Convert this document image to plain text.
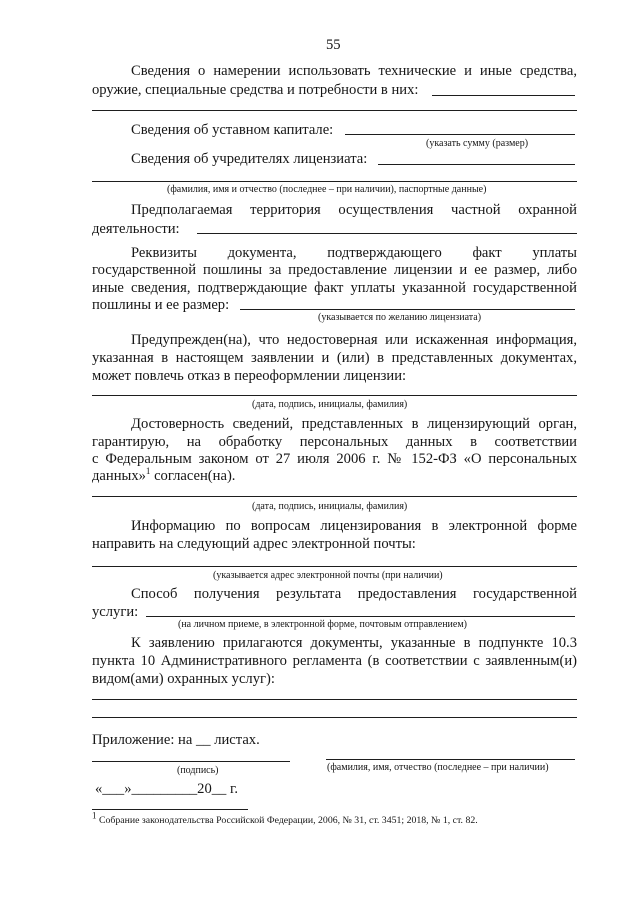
55
Сведения о намерении использовать технические и иные средства,
оружие, специальные средства и потребности в них:
Сведения об уставном капитале:
(указать сумму (размер)
Сведения об учредителях лицензиата:
(фамилия, имя и отчество (последнее – при наличии), паспортные данные)
Предполагаемая территория осуществления частной охранной
деятельности:
Реквизиты документа, подтверждающего факт уплаты
государственной пошлины за предоставление лицензии и ее размер, либо
иные сведения, подтверждающие факт уплаты указанной государственной
пошлины и ее размер:
(указывается по желанию лицензиата)
Предупрежден(на), что недостоверная или искаженная информация,
указанная в настоящем заявлении и (или) в представленных документах,
может повлечь отказ в переоформлении лицензии:
(дата, подпись, инициалы, фамилия)
Достоверность сведений, представленных в лицензирующий орган,
гарантирую, на обработку персональных данных в соответствии
с Федеральным законом от 27 июля 2006 г. № 152-ФЗ «О персональных
данных»$^1$ согласен(на).
(дата, подпись, инициалы, фамилия)
Информацию по вопросам лицензирования в электронной форме
направить на следующий адрес электронной почты:
(указывается адрес электронной почты (при наличии)
Способ получения результата предоставления государственной
услуги:
(на личном приеме, в электронной форме, почтовым отправлением)
К заявлению прилагаются документы, указанные в подпункте 10.3
пункта 10 Административного регламента (в соответствии с заявленным(и)
видом(ами) охранных услуг):
Приложение: на __ листах.
(подпись)	(фамилия, имя, отчество (последнее – при наличии)
«___»_________20__ г.
$^1$ Собрание законодательства Российской Федерации, 2006, № 31, ст. 3451; 2018, № 1, ст. 82.
